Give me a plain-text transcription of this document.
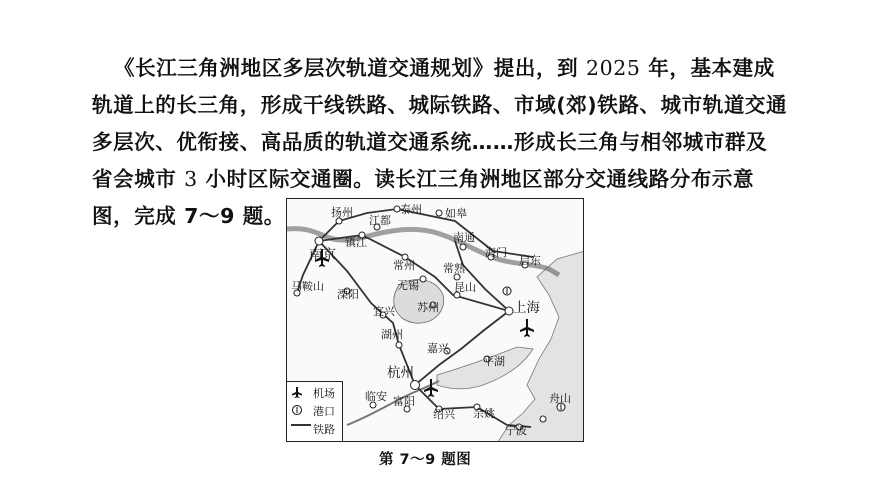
《长江三角洲地区多层次轨道交通规划》提出，到 2025 年，基本建成
轨道上的长三角，形成干线铁路、城际铁路、市域(郊)铁路、城市轨道交通
多层次、优衔接、高品质的轨道交通系统……形成长三角与相邻城市群及
省会城市 3 小时区际交通圈。读长江三角洲地区部分交通线路分布示意
图，完成 7～9 题。	扬州	泰州 如皋
江都
南京
镇江	南通
常州
海门
启东
常熟
马鞍山
溧阳
无锡	昆山
苏州	上海
宜兴
湖州
嘉兴
平湖
杭州
临安 富阳
绍兴 余姚
舟山
宁波
机场
港口
铁路
第 7～9 题图
